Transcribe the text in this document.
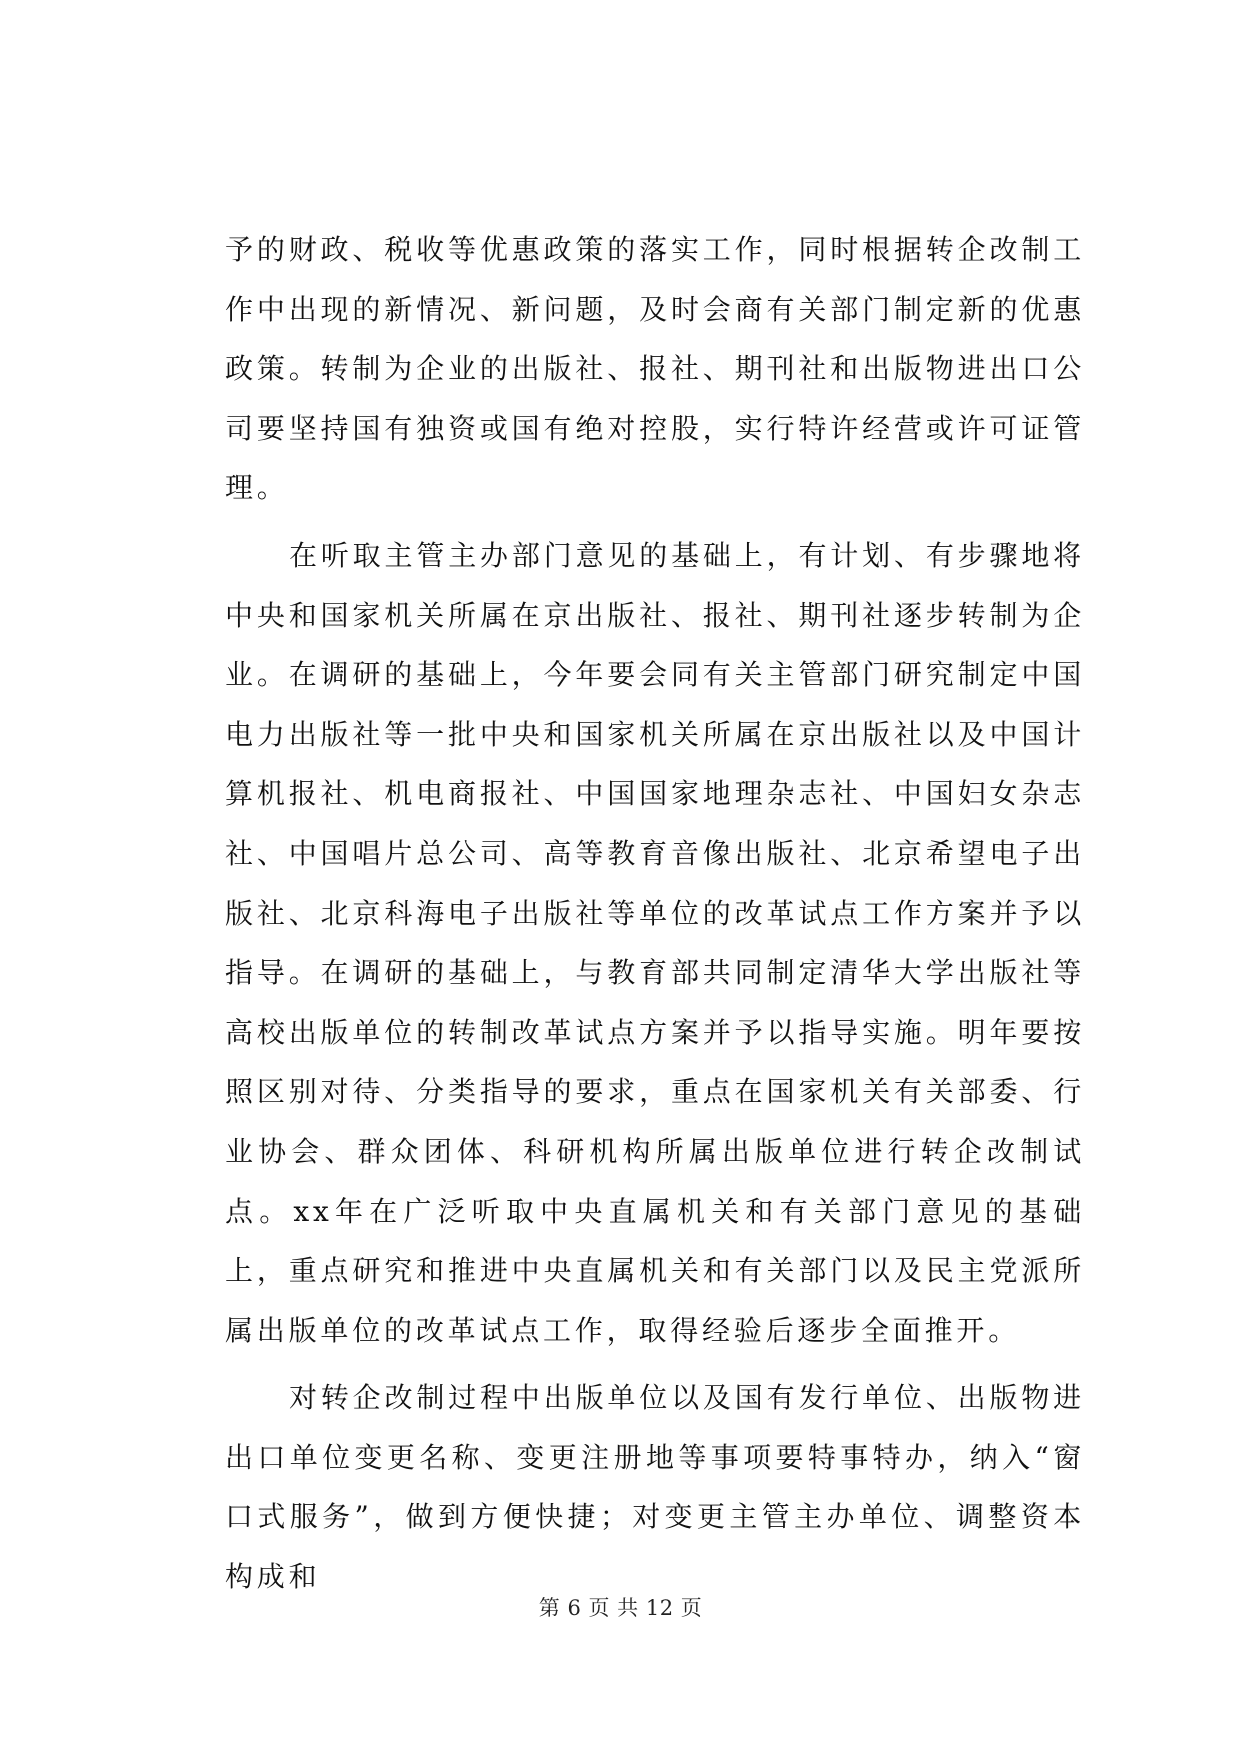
予的财政、税收等优惠政策的落实工作，同时根据转企改制工作中出现的新情况、新问题，及时会商有关部门制定新的优惠政策。转制为企业的出版社、报社、期刊社和出版物进出口公司要坚持国有独资或国有绝对控股，实行特许经营或许可证管理。

在听取主管主办部门意见的基础上，有计划、有步骤地将中央和国家机关所属在京出版社、报社、期刊社逐步转制为企业。在调研的基础上，今年要会同有关主管部门研究制定中国电力出版社等一批中央和国家机关所属在京出版社以及中国计算机报社、机电商报社、中国国家地理杂志社、中国妇女杂志社、中国唱片总公司、高等教育音像出版社、北京希望电子出版社、北京科海电子出版社等单位的改革试点工作方案并予以指导。在调研的基础上，与教育部共同制定清华大学出版社等高校出版单位的转制改革试点方案并予以指导实施。明年要按照区别对待、分类指导的要求，重点在国家机关有关部委、行业协会、群众团体、科研机构所属出版单位进行转企改制试点。xx年在广泛听取中央直属机关和有关部门意见的基础上，重点研究和推进中央直属机关和有关部门以及民主党派所属出版单位的改革试点工作，取得经验后逐步全面推开。

对转企改制过程中出版单位以及国有发行单位、出版物进出口单位变更名称、变更注册地等事项要特事特办，纳入“窗口式服务”，做到方便快捷；对变更主管主办单位、调整资本构成和

第 6 页 共 12 页
